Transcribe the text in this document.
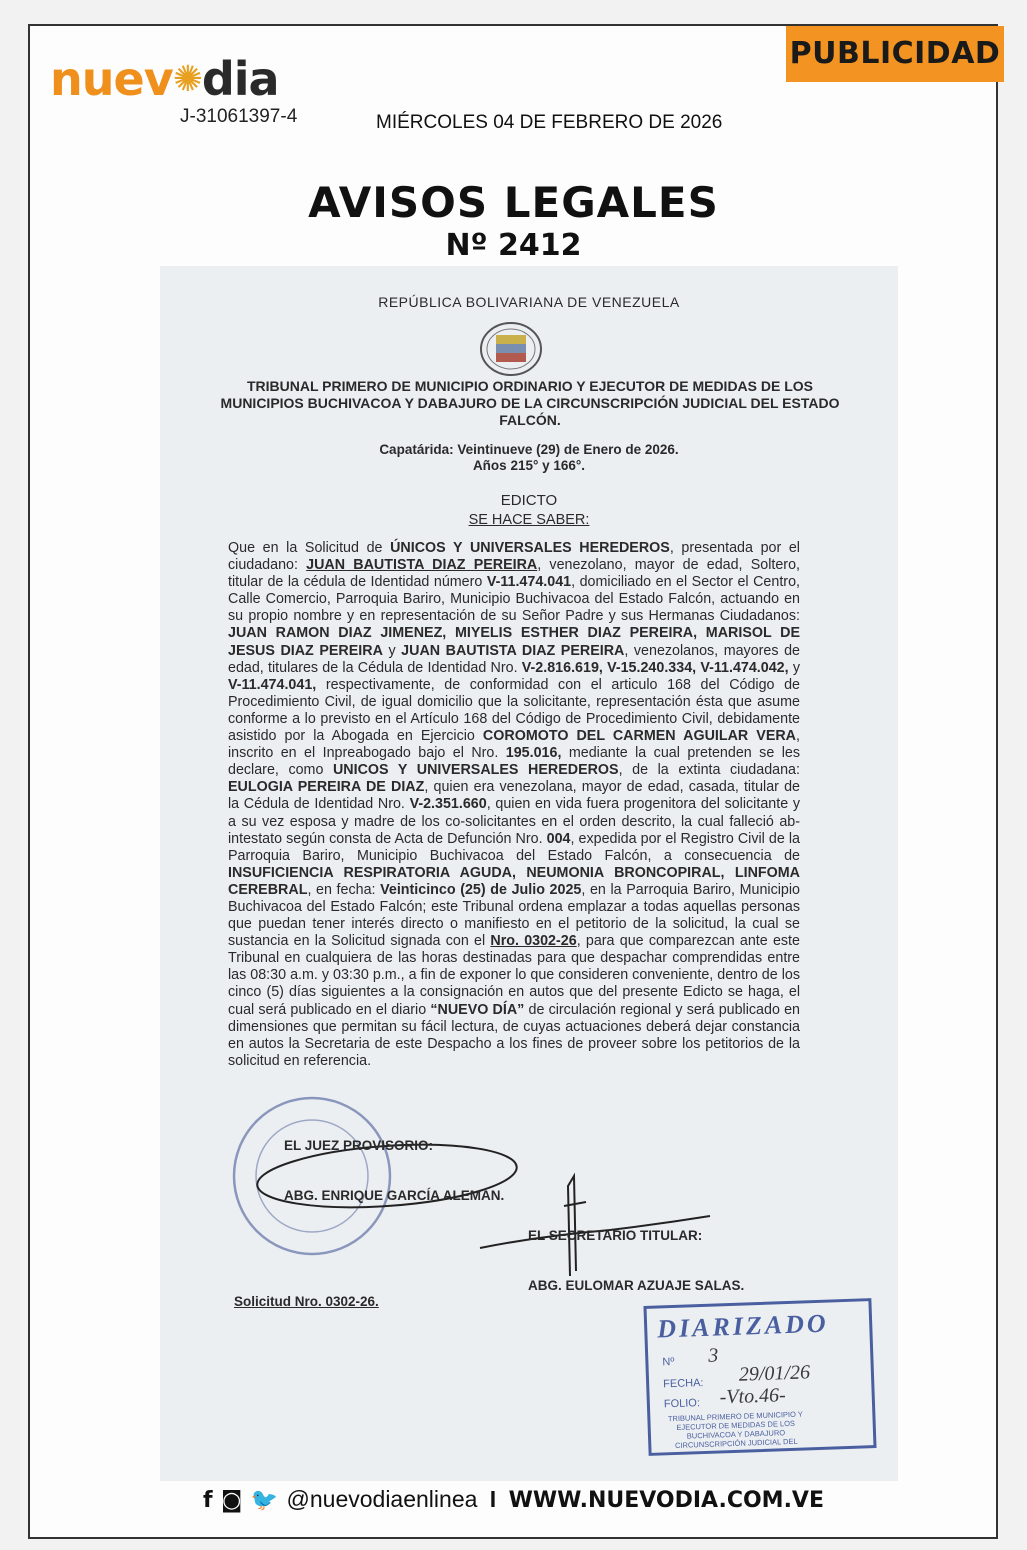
nuev✺dia
J-31061397-4
PUBLICIDAD
MIÉRCOLES 04 DE FEBRERO DE 2026
AVISOS LEGALES
Nº 2412
REPÚBLICA BOLIVARIANA DE VENEZUELA
TRIBUNAL PRIMERO DE MUNICIPIO ORDINARIO Y EJECUTOR DE MEDIDAS DE LOS MUNICIPIOS BUCHIVACOA Y DABAJURO DE LA CIRCUNSCRIPCIÓN JUDICIAL DEL ESTADO FALCÓN.
Capatárida: Veintinueve (29) de Enero de 2026.
Años 215° y 166°.
EDICTO
SE HACE SABER:
Que en la Solicitud de ÚNICOS Y UNIVERSALES HEREDEROS, presentada por el ciudadano: JUAN BAUTISTA DIAZ PEREIRA, venezolano, mayor de edad, Soltero, titular de la cédula de Identidad número V-11.474.041, domiciliado en el Sector el Centro, Calle Comercio, Parroquia Bariro, Municipio Buchivacoa del Estado Falcón, actuando en su propio nombre y en representación de su Señor Padre y sus Hermanas Ciudadanos: JUAN RAMON DIAZ JIMENEZ, MIYELIS ESTHER DIAZ PEREIRA, MARISOL DE JESUS DIAZ PEREIRA y JUAN BAUTISTA DIAZ PEREIRA, venezolanos, mayores de edad, titulares de la Cédula de Identidad Nro. V-2.816.619, V-15.240.334, V-11.474.042, y V-11.474.041, respectivamente, de conformidad con el articulo 168 del Código de Procedimiento Civil, de igual domicilio que la solicitante, representación ésta que asume conforme a lo previsto en el Artículo 168 del Código de Procedimiento Civil, debidamente asistido por la Abogada en Ejercicio COROMOTO DEL CARMEN AGUILAR VERA, inscrito en el Inpreabogado bajo el Nro. 195.016, mediante la cual pretenden se les declare, como UNICOS Y UNIVERSALES HEREDEROS, de la extinta ciudadana: EULOGIA PEREIRA DE DIAZ, quien era venezolana, mayor de edad, casada, titular de la Cédula de Identidad Nro. V-2.351.660, quien en vida fuera progenitora del solicitante y a su vez esposa y madre de los co-solicitantes en el orden descrito, la cual falleció ab-intestato según consta de Acta de Defunción Nro. 004, expedida por el Registro Civil de la Parroquia Bariro, Municipio Buchivacoa del Estado Falcón, a consecuencia de INSUFICIENCIA RESPIRATORIA AGUDA, NEUMONIA BRONCOPIRAL, LINFOMA CEREBRAL, en fecha: Veinticinco (25) de Julio 2025, en la Parroquia Bariro, Municipio Buchivacoa del Estado Falcón; este Tribunal ordena emplazar a todas aquellas personas que puedan tener interés directo o manifiesto en el petitorio de la solicitud, la cual se sustancia en la Solicitud signada con el Nro. 0302-26, para que comparezcan ante este Tribunal en cualquiera de las horas destinadas para que despachar comprendidas entre las 08:30 a.m. y 03:30 p.m., a fin de exponer lo que consideren conveniente, dentro de los cinco (5) días siguientes a la consignación en autos que del presente Edicto se haga, el cual será publicado en el diario “NUEVO DÍA” de circulación regional y será publicado en dimensiones que permitan su fácil lectura, de cuyas actuaciones deberá dejar constancia en autos la Secretaria de este Despacho a los fines de proveer sobre los petitorios de la solicitud en referencia.
EL JUEZ PROVISORIO:
ABG. ENRIQUE GARCÍA ALEMÁN.
EL SECRETARIO TITULAR:
ABG. EULOMAR AZUAJE SALAS.
Solicitud Nro. 0302-26.
DIARIZADO
Nº 3
FECHA: 29/01/26
FOLIO: -Vto.46-
TRIBUNAL PRIMERO DE MUNICIPIO Y EJECUTOR DE MEDIDAS DE LOS BUCHIVACOA Y DABAJURO CIRCUNSCRIPCIÓN JUDICIAL DEL
f ◙ 🐦 @nuevodiaenlinea I WWW.NUEVODIA.COM.VE
